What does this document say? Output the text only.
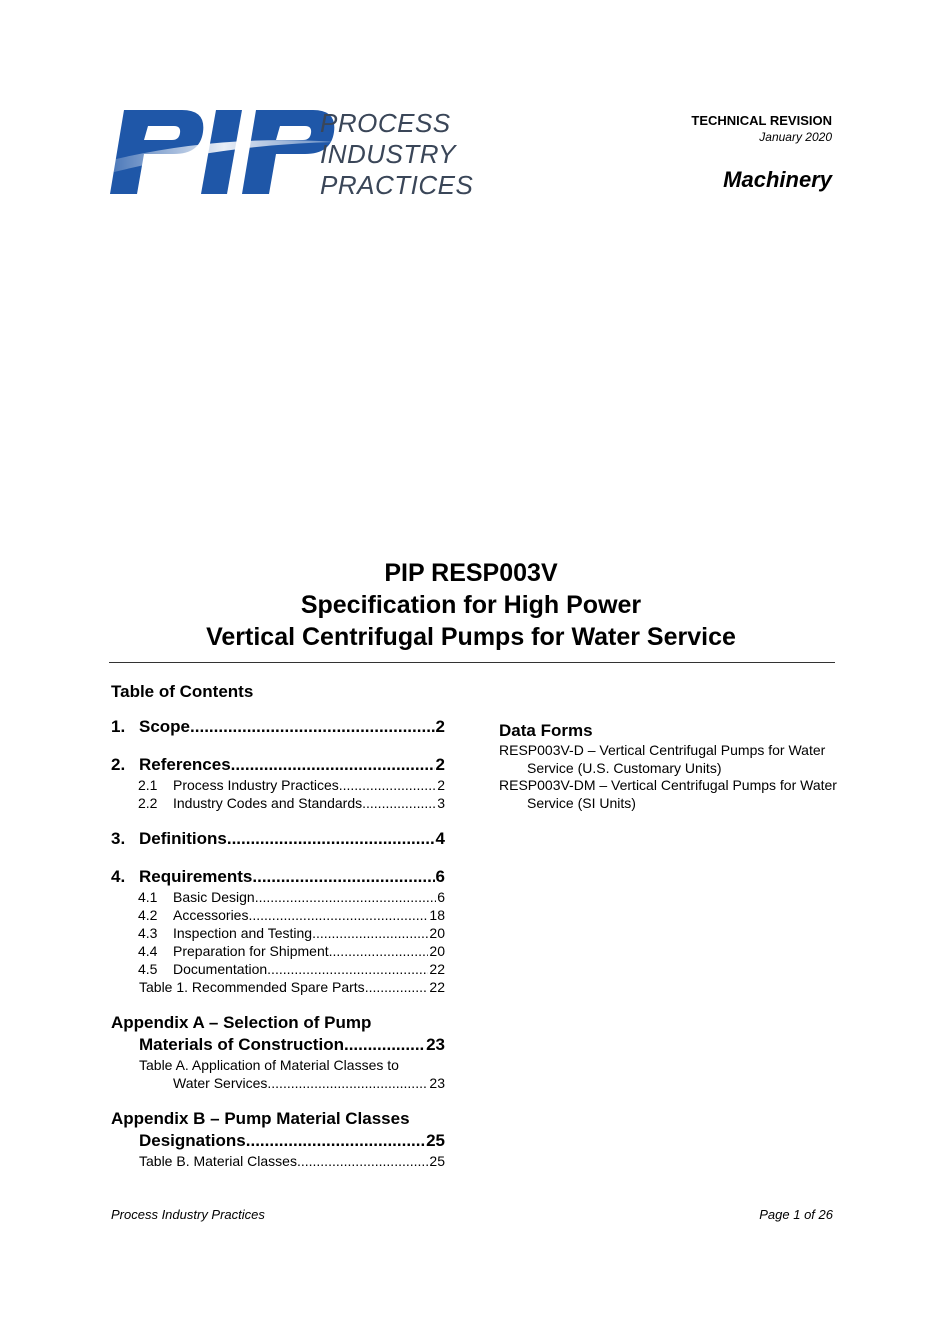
PROCESS
INDUSTRY
PRACTICES
TECHNICAL REVISION
January 2020
Machinery
PIP RESP003V
Specification for High Power
Vertical Centrifugal Pumps for Water Service
Table of Contents
1. Scope .....	2
2. References .....	2
2.1	Process Industry Practices .....	2
2.2	Industry Codes and Standards .....	3
3. Definitions .....	4
4. Requirements .....	6
4.1	Basic Design .....	6
4.2	Accessories .....	18
4.3	Inspection and Testing .....	20
4.4	Preparation for Shipment .....	20
4.5	Documentation .....	22
Table 1. Recommended Spare Parts .....	22
Appendix A – Selection of Pump
Materials of Construction .....	23
Table A. Application of Material Classes to
Water Services .....	23
Appendix B – Pump Material Classes
Designations .....	25
Table B. Material Classes .....	25
Data Forms
RESP003V-D – Vertical Centrifugal Pumps for Water Service (U.S. Customary Units)
RESP003V-DM – Vertical Centrifugal Pumps for Water Service (SI Units)
Process Industry Practices	Page 1 of 26
